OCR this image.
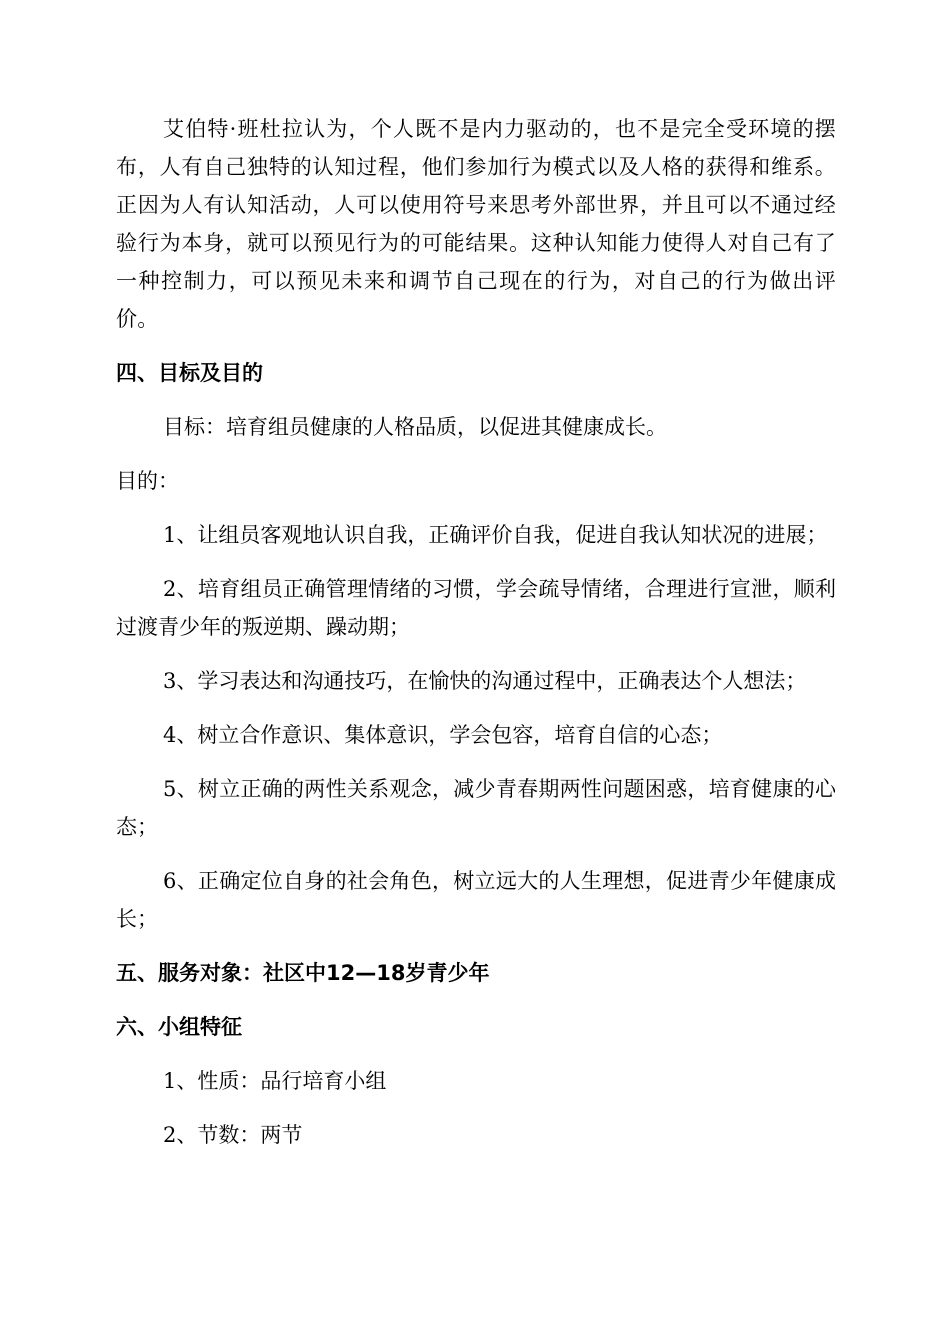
艾伯特·班杜拉认为，个人既不是内力驱动的，也不是完全受环境的摆布，人有自己独特的认知过程，他们参加行为模式以及人格的获得和维系。正因为人有认知活动，人可以使用符号来思考外部世界，并且可以不通过经验行为本身，就可以预见行为的可能结果。这种认知能力使得人对自己有了一种控制力，可以预见未来和调节自己现在的行为，对自己的行为做出评价。

四、目标及目的

目标：培育组员健康的人格品质，以促进其健康成长。

目的：

1、让组员客观地认识自我，正确评价自我，促进自我认知状况的进展；

2、培育组员正确管理情绪的习惯，学会疏导情绪，合理进行宣泄，顺利过渡青少年的叛逆期、躁动期；

3、学习表达和沟通技巧，在愉快的沟通过程中，正确表达个人想法；

4、树立合作意识、集体意识，学会包容，培育自信的心态；

5、树立正确的两性关系观念，减少青春期两性问题困惑，培育健康的心态；

6、正确定位自身的社会角色，树立远大的人生理想，促进青少年健康成长；

五、服务对象：社区中12—18岁青少年

六、小组特征

1、性质：品行培育小组

2、节数：两节
